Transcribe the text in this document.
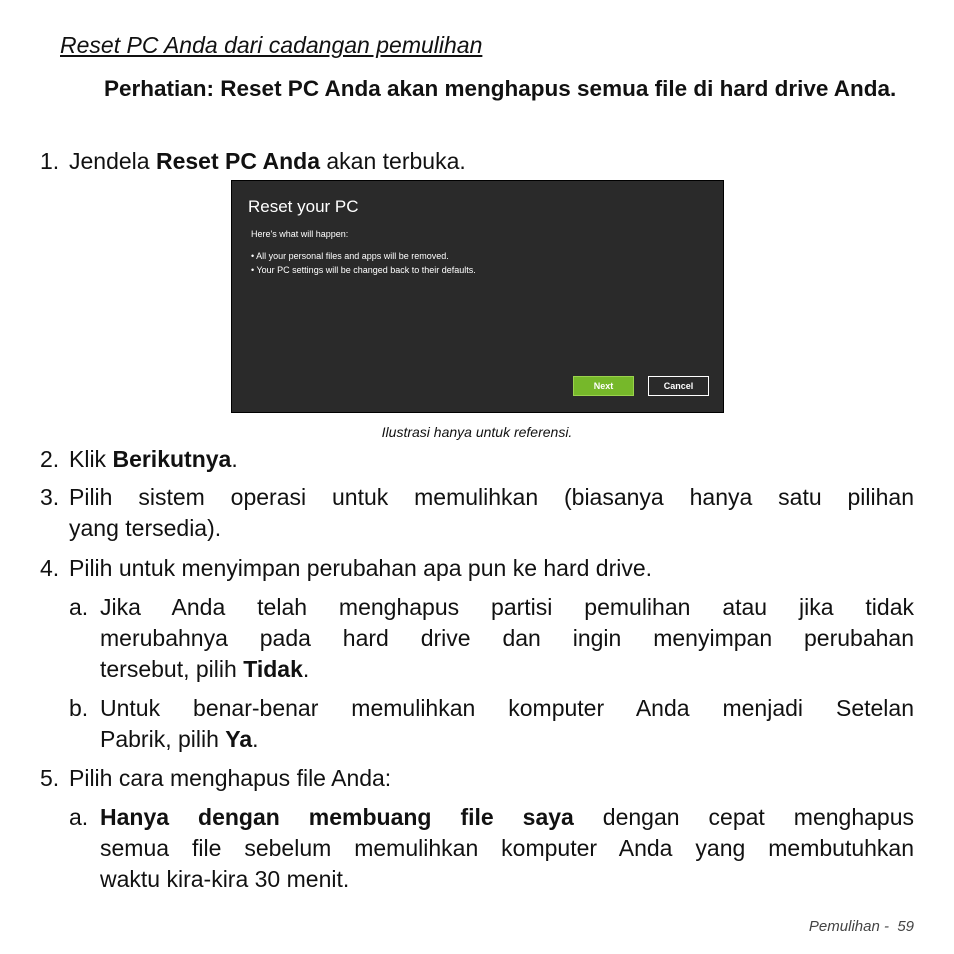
Reset PC Anda dari cadangan pemulihan
Perhatian: Reset PC Anda akan menghapus semua file di hard drive Anda.
1. Jendela Reset PC Anda akan terbuka.
Reset your PC
Here's what will happen:
• All your personal files and apps will be removed.
• Your PC settings will be changed back to their defaults.
Next	Cancel
Ilustrasi hanya untuk referensi.
2. Klik Berikutnya.
3. Pilih sistem operasi untuk memulihkan (biasanya hanya satu pilihan
yang tersedia).
4. Pilih untuk menyimpan perubahan apa pun ke hard drive.
a. Jika Anda telah menghapus partisi pemulihan atau jika tidak
merubahnya pada hard drive dan ingin menyimpan perubahan
tersebut, pilih Tidak.
b. Untuk benar-benar memulihkan komputer Anda menjadi Setelan
Pabrik, pilih Ya.
5. Pilih cara menghapus file Anda:
a. Hanya dengan membuang file saya dengan cepat menghapus
semua file sebelum memulihkan komputer Anda yang membutuhkan
waktu kira-kira 30 menit.
Pemulihan - 59
